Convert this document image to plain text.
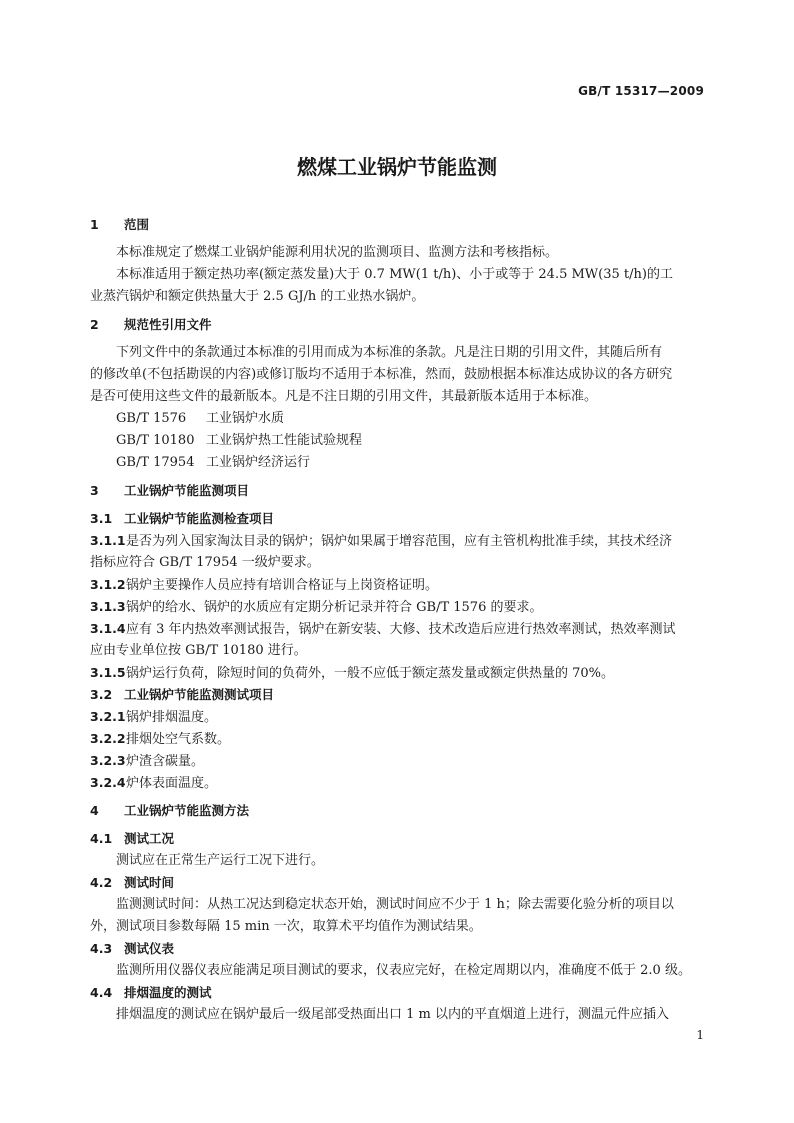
GB/T 15317—2009
燃煤工业锅炉节能监测
1 范围
本标准规定了燃煤工业锅炉能源利用状况的监测项目、监测方法和考核指标。
本标准适用于额定热功率(额定蒸发量)大于 0.7 MW(1 t/h)、小于或等于 24.5 MW(35 t/h)的工
业蒸汽锅炉和额定供热量大于 2.5 GJ/h 的工业热水锅炉。
2 规范性引用文件
下列文件中的条款通过本标准的引用而成为本标准的条款。凡是注日期的引用文件，其随后所有
的修改单(不包括勘误的内容)或修订版均不适用于本标准，然而，鼓励根据本标准达成协议的各方研究
是否可使用这些文件的最新版本。凡是不注日期的引用文件，其最新版本适用于本标准。
GB/T 1576 工业锅炉水质
GB/T 10180 工业锅炉热工性能试验规程
GB/T 17954 工业锅炉经济运行
3 工业锅炉节能监测项目
3.1 工业锅炉节能监测检查项目
3.1.1是否为列入国家淘汰目录的锅炉；锅炉如果属于增容范围，应有主管机构批准手续，其技术经济
指标应符合 GB/T 17954 一级炉要求。
3.1.2锅炉主要操作人员应持有培训合格证与上岗资格证明。
3.1.3锅炉的给水、锅炉的水质应有定期分析记录并符合 GB/T 1576 的要求。
3.1.4应有 3 年内热效率测试报告，锅炉在新安装、大修、技术改造后应进行热效率测试，热效率测试
应由专业单位按 GB/T 10180 进行。
3.1.5锅炉运行负荷，除短时间的负荷外，一般不应低于额定蒸发量或额定供热量的 70%。
3.2 工业锅炉节能监测测试项目
3.2.1锅炉排烟温度。
3.2.2排烟处空气系数。
3.2.3炉渣含碳量。
3.2.4炉体表面温度。
4 工业锅炉节能监测方法
4.1 测试工况
测试应在正常生产运行工况下进行。
4.2 测试时间
监测测试时间：从热工况达到稳定状态开始，测试时间应不少于 1 h；除去需要化验分析的项目以
外，测试项目参数每隔 15 min 一次，取算术平均值作为测试结果。
4.3 测试仪表
监测所用仪器仪表应能满足项目测试的要求，仪表应完好，在检定周期以内，准确度不低于 2.0 级。
4.4 排烟温度的测试
排烟温度的测试应在锅炉最后一级尾部受热面出口 1 m 以内的平直烟道上进行，测温元件应插入
1
